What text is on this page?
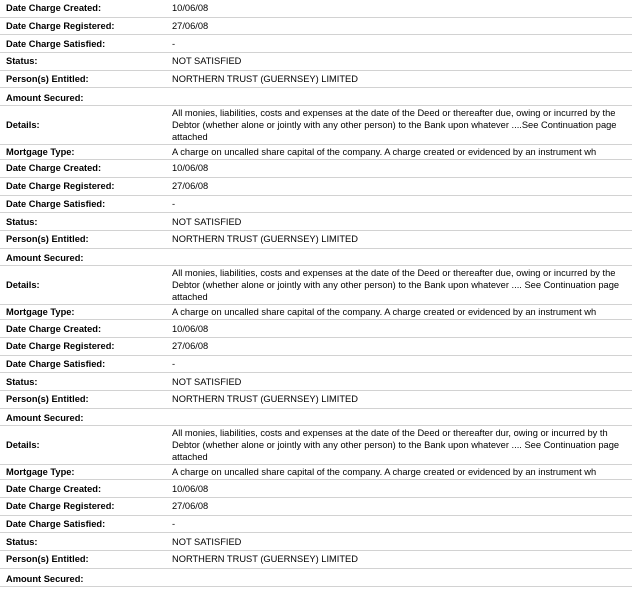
Date Charge Created:	10/06/08
Date Charge Registered:	27/06/08
Date Charge Satisfied:	-
Status:	NOT SATISFIED
Person(s) Entitled:	NORTHERN TRUST (GUERNSEY) LIMITED
Amount Secured:	
Details:	All monies, liabilities, costs and expenses at the date of the Deed or thereafter due, owing or incurred by the Debtor (whether alone or jointly with any other person) to the Bank upon whatever ....See Continuation page attached
Mortgage Type:	A charge on uncalled share capital of the company. A charge created or evidenced by an instrument wh
Date Charge Created:	10/06/08
Date Charge Registered:	27/06/08
Date Charge Satisfied:	-
Status:	NOT SATISFIED
Person(s) Entitled:	NORTHERN TRUST (GUERNSEY) LIMITED
Amount Secured:	
Details:	All monies, liabilities, costs and expenses at the date of the Deed or thereafter due, owing or incurred by the Debtor (whether alone or jointly with any other person) to the Bank upon whatever .... See Continuation page attached
Mortgage Type:	A charge on uncalled share capital of the company. A charge created or evidenced by an instrument wh
Date Charge Created:	10/06/08
Date Charge Registered:	27/06/08
Date Charge Satisfied:	-
Status:	NOT SATISFIED
Person(s) Entitled:	NORTHERN TRUST (GUERNSEY) LIMITED
Amount Secured:	
Details:	All monies, liabilities, costs and expenses at the date of the Deed or thereafter dur, owing or incurred by th Debtor (whether alone or jointly with any other person) to the Bank upon whatever .... See Continuation page attached
Mortgage Type:	A charge on uncalled share capital of the company. A charge created or evidenced by an instrument wh
Date Charge Created:	10/06/08
Date Charge Registered:	27/06/08
Date Charge Satisfied:	-
Status:	NOT SATISFIED
Person(s) Entitled:	NORTHERN TRUST (GUERNSEY) LIMITED
Amount Secured:	
